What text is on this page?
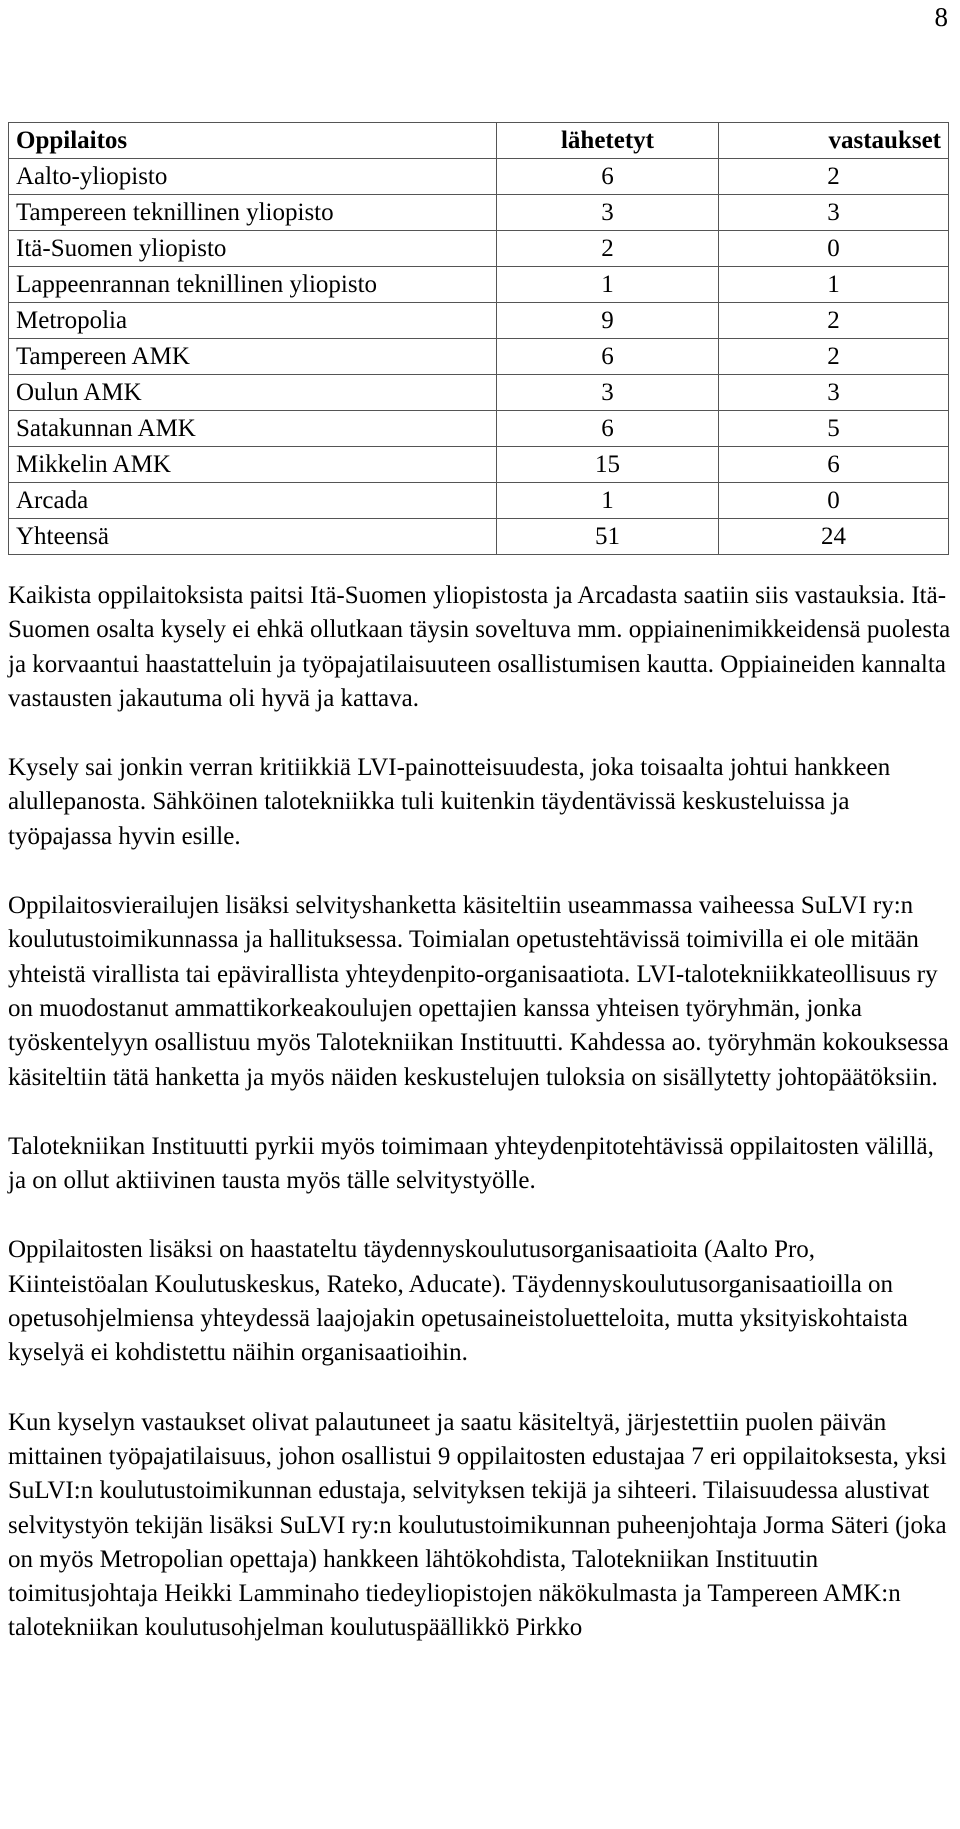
8
Oppilaitos	lähetetyt	vastaukset
Aalto-yliopisto	6	2
Tampereen teknillinen yliopisto	3	3
Itä-Suomen yliopisto	2	0
Lappeenrannan teknillinen yliopisto	1	1
Metropolia	9	2
Tampereen AMK	6	2
Oulun AMK	3	3
Satakunnan AMK	6	5
Mikkelin AMK	15	6
Arcada	1	0
Yhteensä	51	24

Kaikista oppilaitoksista paitsi Itä-Suomen yliopistosta ja Arcadasta saatiin siis vastauksia. Itä-Suomen osalta kysely ei ehkä ollutkaan täysin soveltuva mm. oppiainenimikkeidensä puolesta ja korvaantui haastatteluin ja työpajatilaisuuteen osallistumisen kautta. Oppiaineiden kannalta vastausten jakautuma oli hyvä ja kattava.

Kysely sai jonkin verran kritiikkiä LVI-painotteisuudesta, joka toisaalta johtui hankkeen alullepanosta. Sähköinen talotekniikka tuli kuitenkin täydentävissä keskusteluissa ja työpajassa hyvin esille.

Oppilaitosvierailujen lisäksi selvityshanketta käsiteltiin useammassa vaiheessa SuLVI ry:n koulutustoimikunnassa ja hallituksessa. Toimialan opetustehtävissä toimivilla ei ole mitään yhteistä virallista tai epävirallista yhteydenpito-organisaatiota. LVI-talotekniikkateollisuus ry on muodostanut ammattikorkeakoulujen opettajien kanssa yhteisen työryhmän, jonka työskentelyyn osallistuu myös Talotekniikan Instituutti. Kahdessa ao. työryhmän kokouksessa käsiteltiin tätä hanketta ja myös näiden keskustelujen tuloksia on sisällytetty johtopäätöksiin.

Talotekniikan Instituutti pyrkii myös toimimaan yhteydenpitotehtävissä oppilaitosten välillä, ja on ollut aktiivinen tausta myös tälle selvitystyölle.

Oppilaitosten lisäksi on haastateltu täydennyskoulutusorganisaatioita (Aalto Pro, Kiinteistöalan Koulutuskeskus, Rateko, Aducate). Täydennyskoulutusorganisaatioilla on opetusohjelmiensa yhteydessä laajojakin opetusaineistoluetteloita, mutta yksityiskohtaista kyselyä ei kohdistettu näihin organisaatioihin.

Kun kyselyn vastaukset olivat palautuneet ja saatu käsiteltyä, järjestettiin puolen päivän mittainen työpajatilaisuus, johon osallistui 9 oppilaitosten edustajaa 7 eri oppilaitoksesta, yksi SuLVI:n koulutustoimikunnan edustaja, selvityksen tekijä ja sihteeri. Tilaisuudessa alustivat selvitystyön tekijän lisäksi SuLVI ry:n koulutustoimikunnan puheenjohtaja Jorma Säteri (joka on myös Metropolian opettaja) hankkeen lähtökohdista, Talotekniikan Instituutin toimitusjohtaja Heikki Lamminaho tiedeyliopistojen näkökulmasta ja Tampereen AMK:n talotekniikan koulutusohjelman koulutuspäällikkö Pirkko
